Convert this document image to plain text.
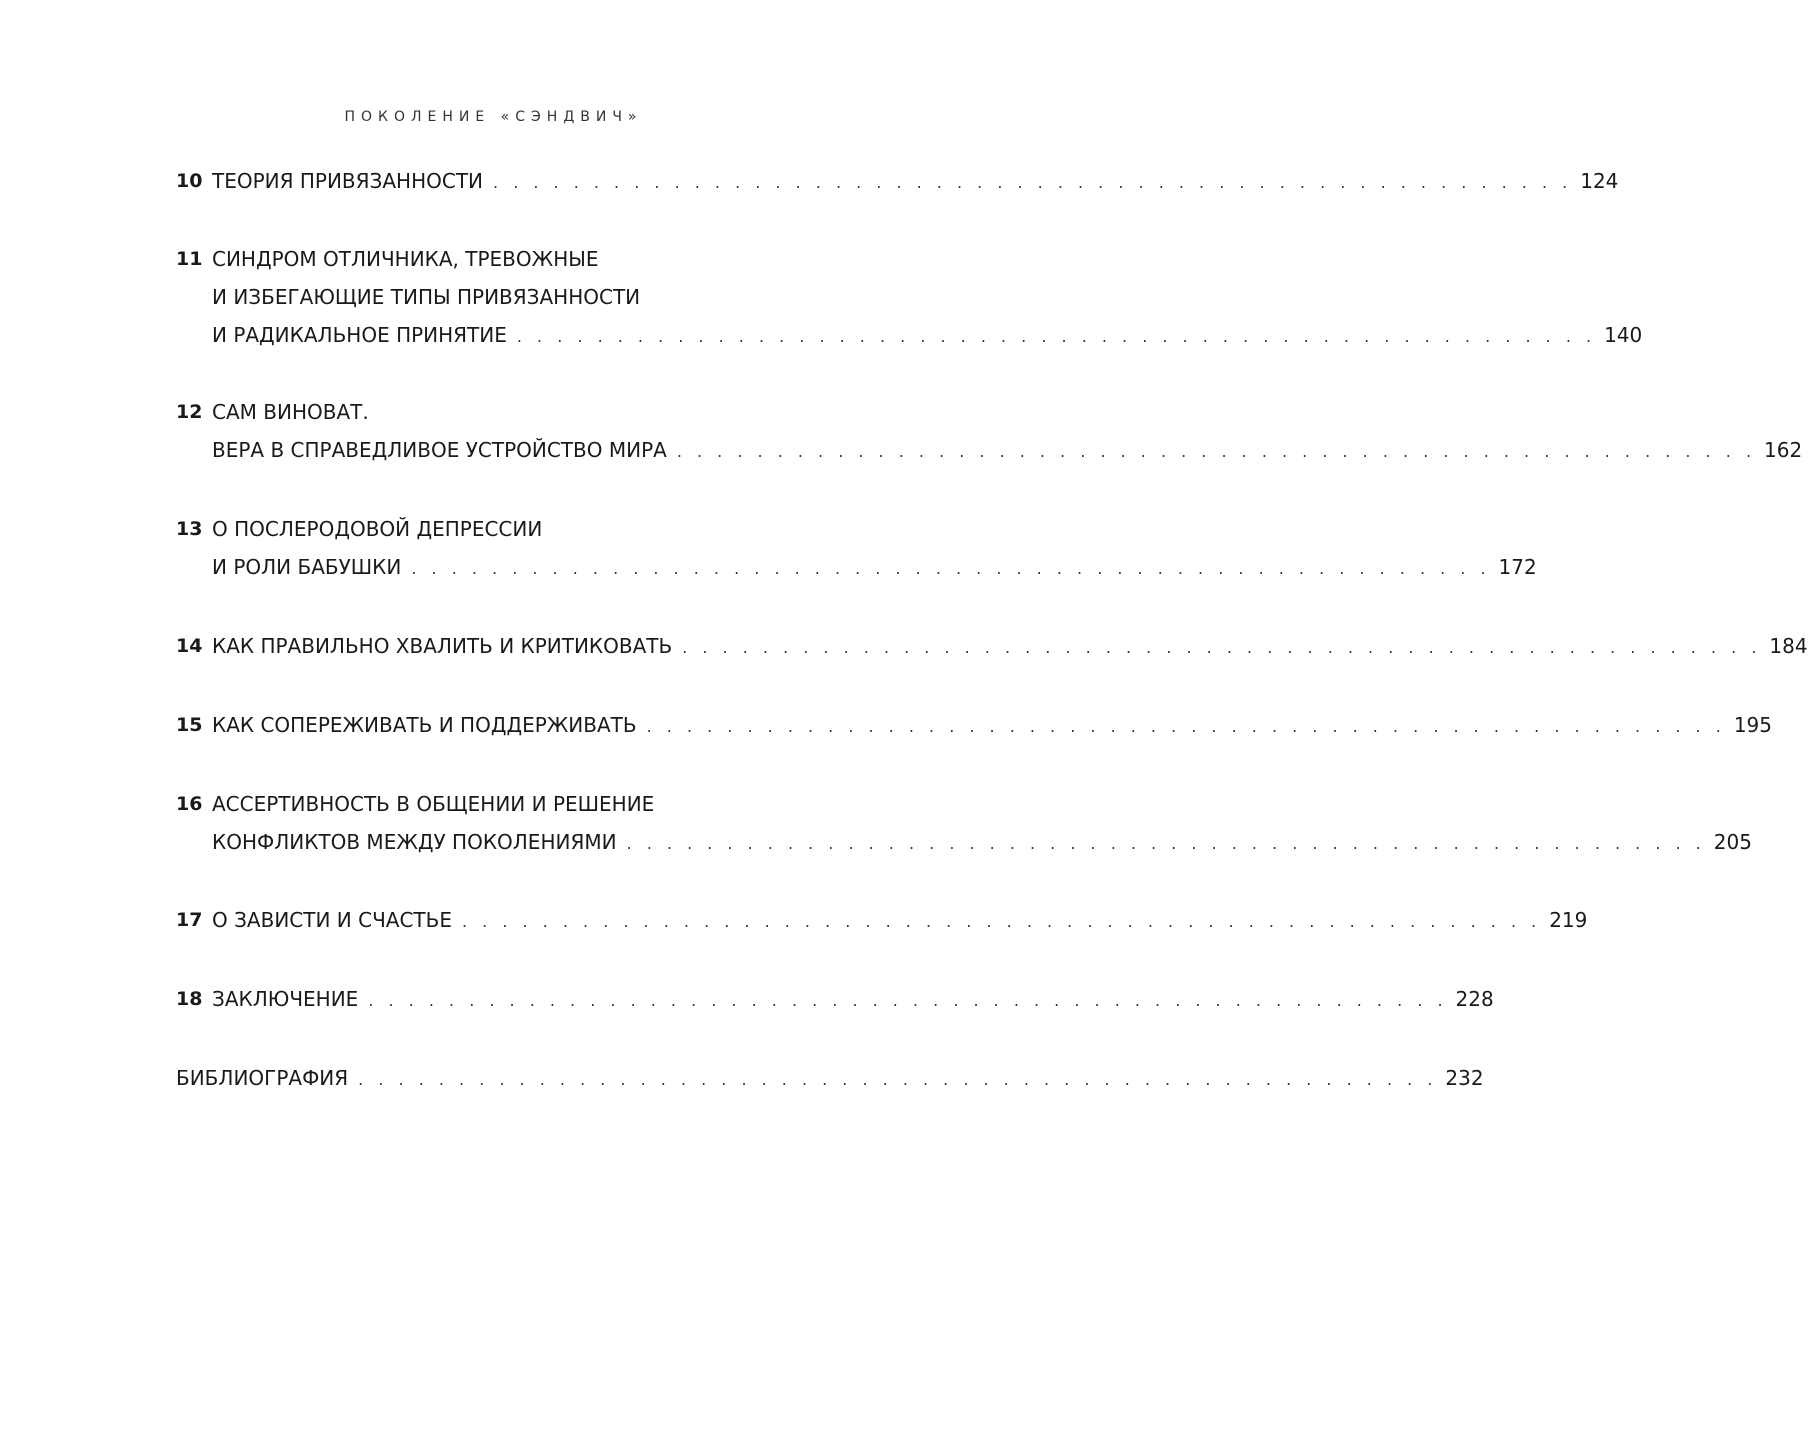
ПОКОЛЕНИЕ «СЭНДВИЧ»
10 ТЕОРИЯ ПРИВЯЗАННОСТИ . . . . . . . . . . . . . . . . . . . . . . . . . . . . . . . . . . . . . . . . . . . . . . . . . . . . . . 124
11 СИНДРОМ ОТЛИЧНИКА, ТРЕВОЖНЫЕ
И ИЗБЕГАЮЩИЕ ТИПЫ ПРИВЯЗАННОСТИ
И РАДИКАЛЬНОЕ ПРИНЯТИЕ . . . . . . . . . . . . . . . . . . . . . . . . . . . . . . . . . . . . . . . . . . . . . . . . . . . . . . 140
12 САМ ВИНОВАТ.
ВЕРА В СПРАВЕДЛИВОЕ УСТРОЙСТВО МИРА . . . . . . . . . . . . . . . . . . . . . . . . . . . . . . . . . . . . . . . . . . . . . . . . . . . . . . 162
13 О ПОСЛЕРОДОВОЙ ДЕПРЕССИИ
И РОЛИ БАБУШКИ . . . . . . . . . . . . . . . . . . . . . . . . . . . . . . . . . . . . . . . . . . . . . . . . . . . . . . 172
14 КАК ПРАВИЛЬНО ХВАЛИТЬ И КРИТИКОВАТЬ . . . . . . . . . . . . . . . . . . . . . . . . . . . . . . . . . . . . . . . . . . . . . . . . . . . . . . 184
15 КАК СОПЕРЕЖИВАТЬ И ПОДДЕРЖИВАТЬ . . . . . . . . . . . . . . . . . . . . . . . . . . . . . . . . . . . . . . . . . . . . . . . . . . . . . . 195
16 АССЕРТИВНОСТЬ В ОБЩЕНИИ И РЕШЕНИЕ
КОНФЛИКТОВ МЕЖДУ ПОКОЛЕНИЯМИ . . . . . . . . . . . . . . . . . . . . . . . . . . . . . . . . . . . . . . . . . . . . . . . . . . . . . . 205
17 О ЗАВИСТИ И СЧАСТЬЕ . . . . . . . . . . . . . . . . . . . . . . . . . . . . . . . . . . . . . . . . . . . . . . . . . . . . . . 219
18 ЗАКЛЮЧЕНИЕ . . . . . . . . . . . . . . . . . . . . . . . . . . . . . . . . . . . . . . . . . . . . . . . . . . . . . . 228
БИБЛИОГРАФИЯ . . . . . . . . . . . . . . . . . . . . . . . . . . . . . . . . . . . . . . . . . . . . . . . . . . . . . . 232
